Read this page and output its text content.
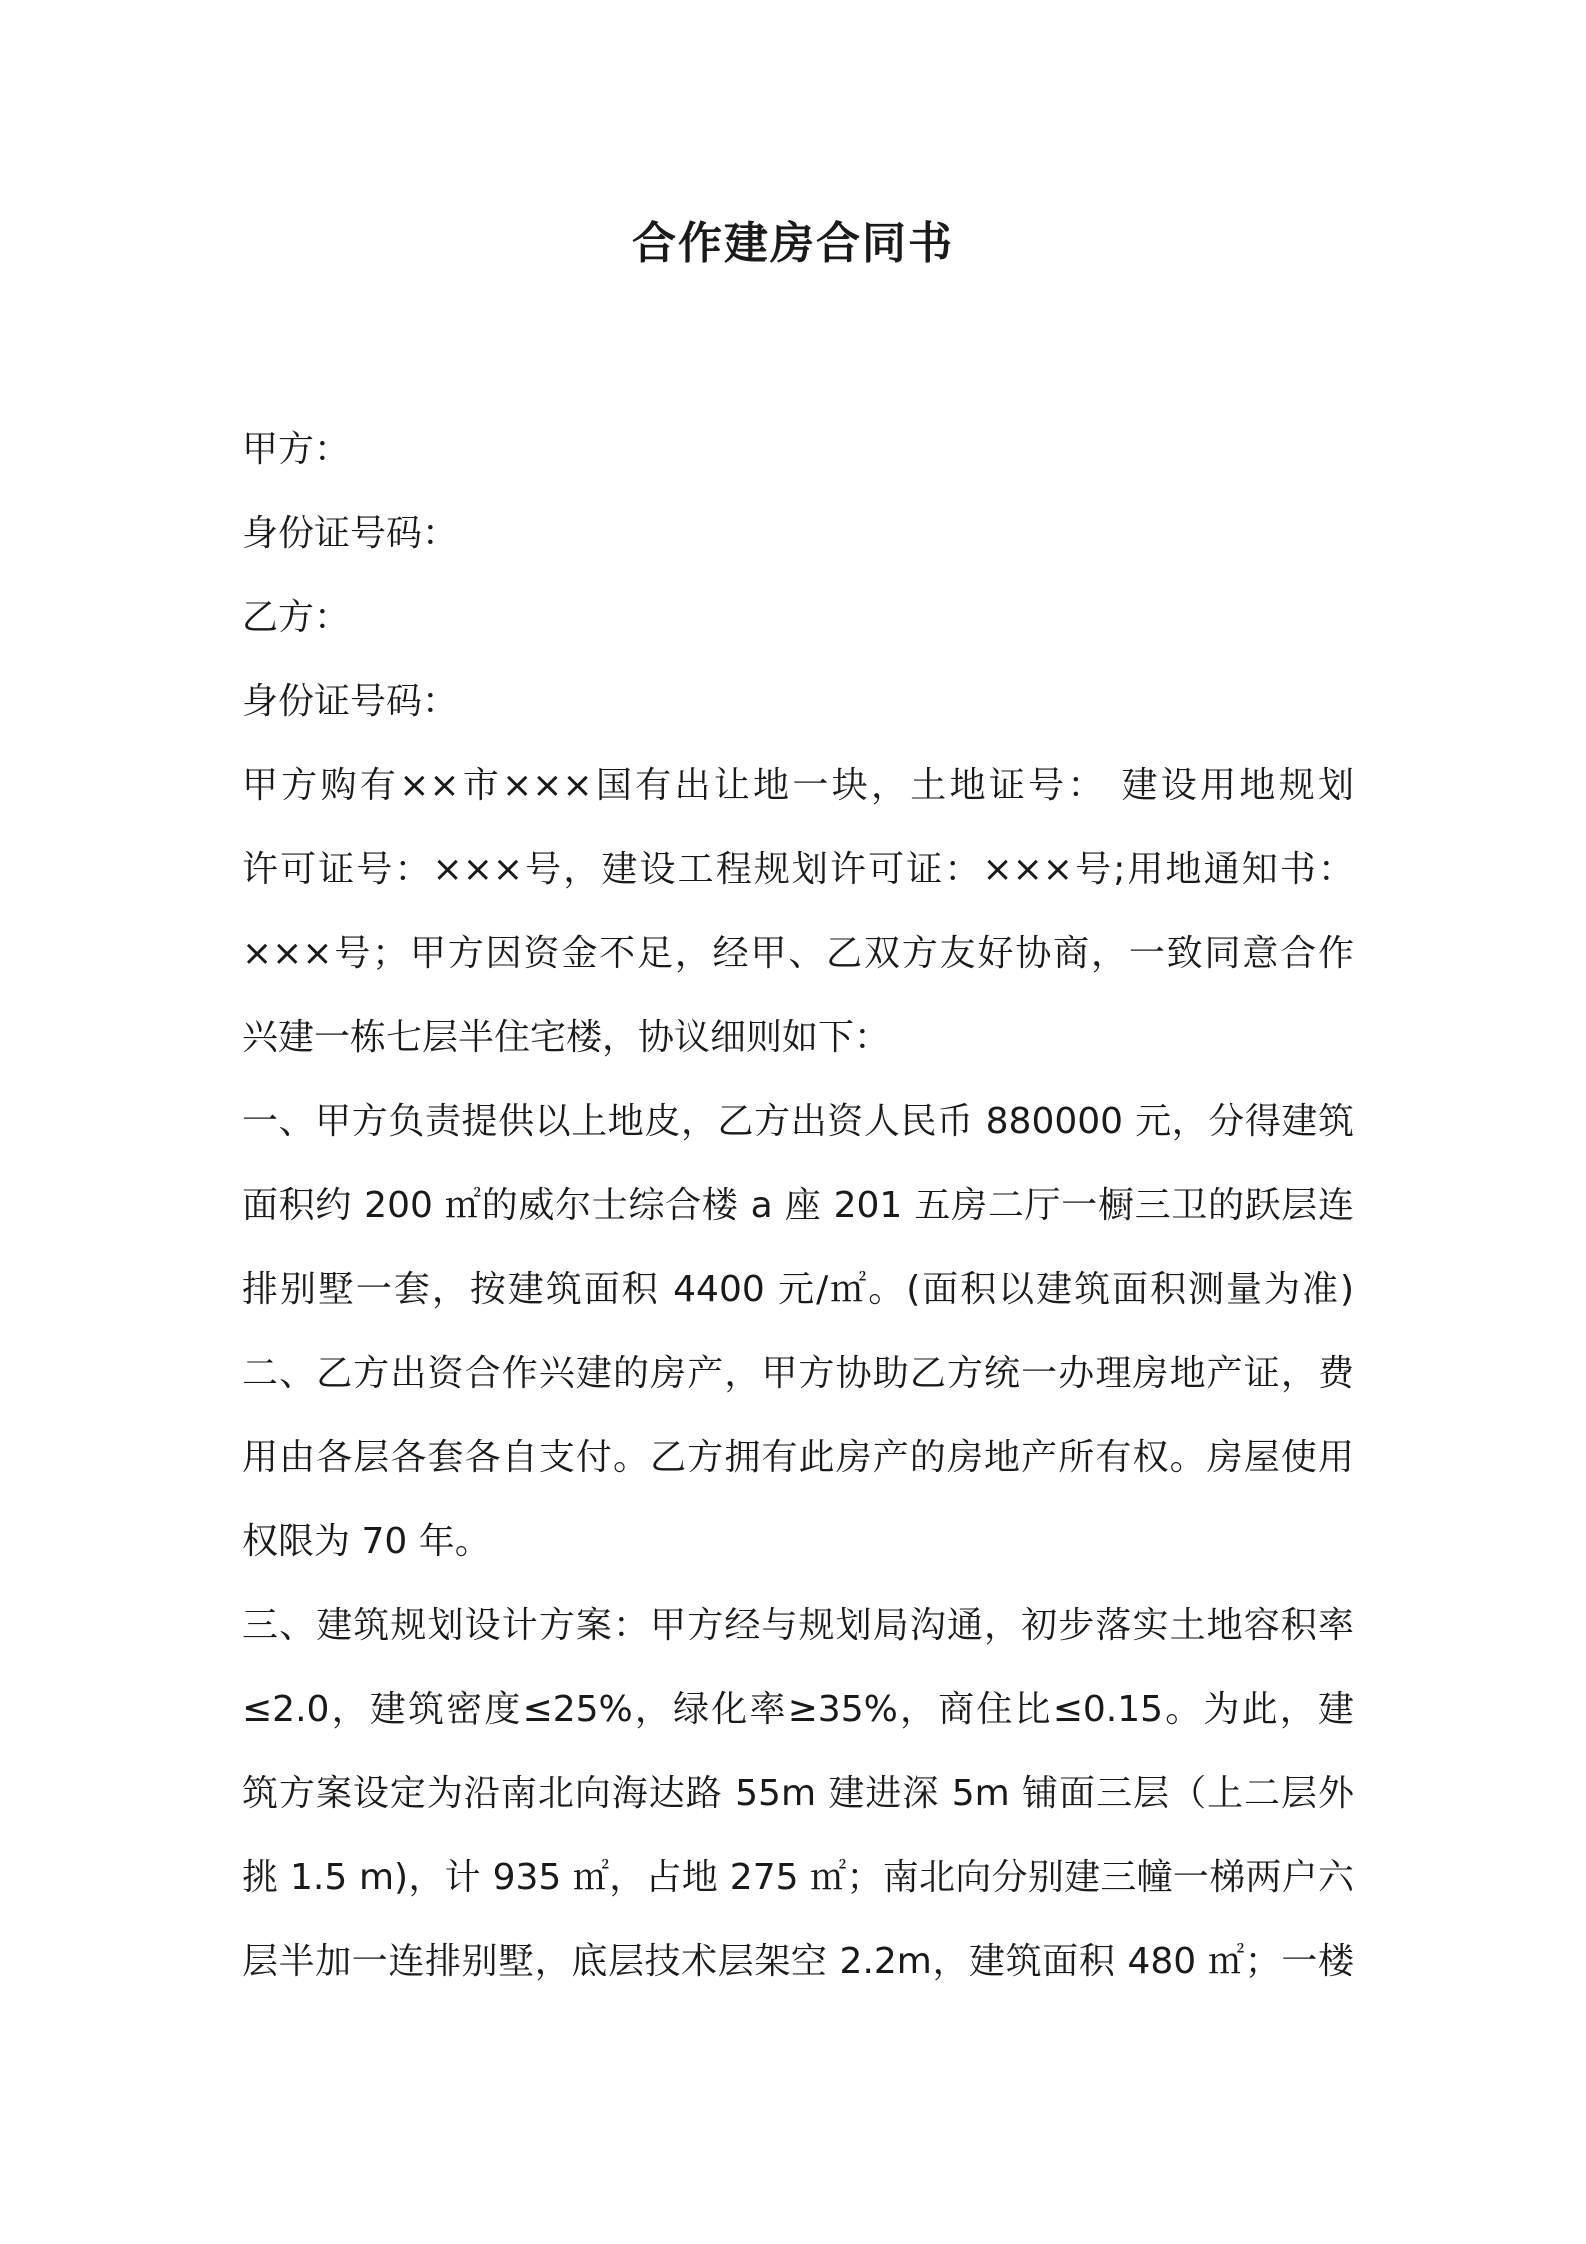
合作建房合同书

甲方：

身份证号码：

乙方：

身份证号码：

甲方购有××市×××国有出让地一块，土地证号： 建设用地规划

许可证号：×××号，建设工程规划许可证：×××号;用地通知书：

×××号；甲方因资金不足，经甲、乙双方友好协商，一致同意合作

兴建一栋七层半住宅楼，协议细则如下：

一、甲方负责提供以上地皮，乙方出资人民币 880000 元，分得建筑

面积约 200 ㎡的威尔士综合楼 a 座 201 五房二厅一橱三卫的跃层连

排别墅一套，按建筑面积 4400 元/㎡。(面积以建筑面积测量为准)

二、乙方出资合作兴建的房产，甲方协助乙方统一办理房地产证，费

用由各层各套各自支付。乙方拥有此房产的房地产所有权。房屋使用

权限为 70 年。

三、建筑规划设计方案：甲方经与规划局沟通，初步落实土地容积率

≤2.0，建筑密度≤25%，绿化率≥35%，商住比≤0.15。为此，建

筑方案设定为沿南北向海达路 55m 建进深 5m 铺面三层（上二层外

挑 1.5 m)，计 935 ㎡，占地 275 ㎡；南北向分别建三幢一梯两户六

层半加一连排别墅，底层技术层架空 2.2m，建筑面积 480 ㎡；一楼
